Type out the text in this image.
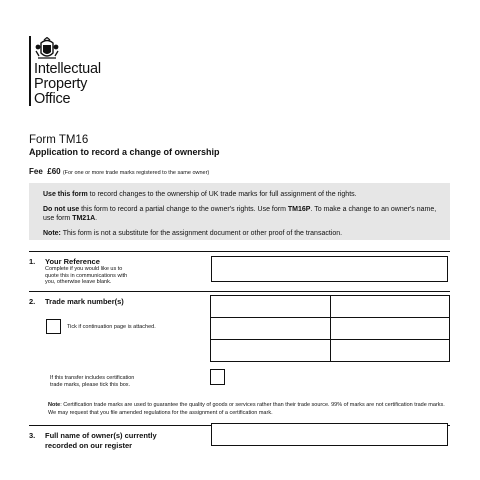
Intellectual
Property
Office
Form TM16
Application to record a change of ownership
Fee £60 (For one or more trade marks registered to the same owner)

Use this form to record changes to the ownership of UK trade marks for full assignment of the rights.

Do not use this form to record a partial change to the owner's rights. Use form TM16P. To make a change to an owner's name, use form TM21A.

Note: This form is not a substitute for the assignment document or other proof of the transaction.

1. Your Reference
Complete if you would like us to
quote this in communications with
you, otherwise leave blank.
2. Trade mark number(s)
Tick if continuation page is attached.
If this transfer includes certification
trade marks, please tick this box.
Note: Certification trade marks are used to guarantee the quality of goods or services rather than their trade source. 99% of marks are not certification trade marks. We may request that you file amended regulations for the assignment of a certification mark.
3. Full name of owner(s) currently
recorded on our register
